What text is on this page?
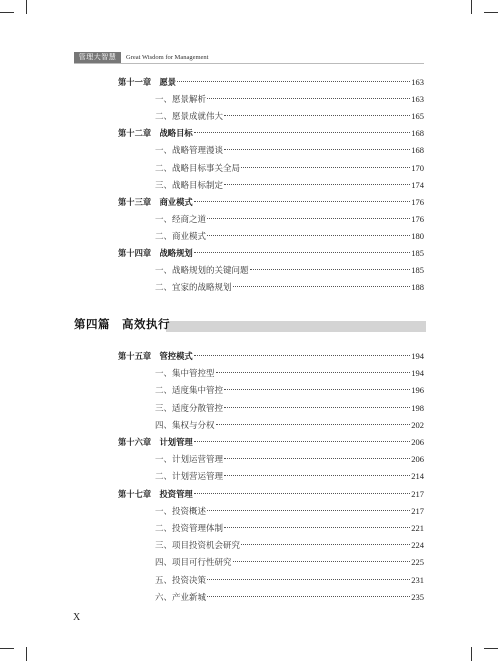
管理大智慧	Great Wisdom for Management
第十一章　愿景	163
一、愿景解析	163
二、愿景成就伟大	165
第十二章　战略目标	168
一、战略管理漫谈	168
二、战略目标事关全局	170
三、战略目标制定	174
第十三章　商业模式	176
一、经商之道	176
二、商业模式	180
第十四章　战略规划	185
一、战略规划的关键问题	185
二、宜家的战略规划	188
第四篇　高效执行
第十五章　管控模式	194
一、集中管控型	194
二、适度集中管控	196
三、适度分散管控	198
四、集权与分权	202
第十六章　计划管理	206
一、计划运营管理	206
二、计划营运管理	214
第十七章　投资管理	217
一、投资概述	217
二、投资管理体制	221
三、项目投资机会研究	224
四、项目可行性研究	225
五、投资决策	231
六、产业新城	235
X
